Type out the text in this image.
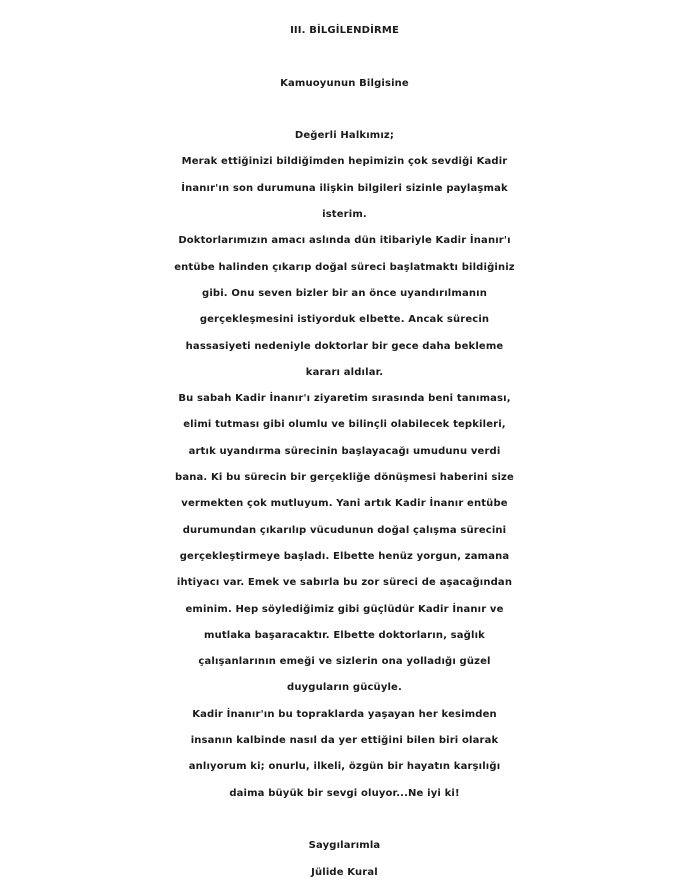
III. BİLGİLENDİRME
Kamuoyunun Bilgisine
Değerli Halkımız;
Merak ettiğinizi bildiğimden hepimizin çok sevdiği Kadir
İnanır'ın son durumuna ilişkin bilgileri sizinle paylaşmak
isterim.
Doktorlarımızın amacı aslında dün itibariyle Kadir İnanır'ı
entübe halinden çıkarıp doğal süreci başlatmaktı bildiğiniz
gibi. Onu seven bizler bir an önce uyandırılmanın
gerçekleşmesini istiyorduk elbette. Ancak sürecin
hassasiyeti nedeniyle doktorlar bir gece daha bekleme
kararı aldılar.
Bu sabah Kadir İnanır'ı ziyaretim sırasında beni tanıması,
elimi tutması gibi olumlu ve bilinçli olabilecek tepkileri,
artık uyandırma sürecinin başlayacağı umudunu verdi
bana. Ki bu sürecin bir gerçekliğe dönüşmesi haberini size
vermekten çok mutluyum. Yani artık Kadir İnanır entübe
durumundan çıkarılıp vücudunun doğal çalışma sürecini
gerçekleştirmeye başladı. Elbette henüz yorgun, zamana
ihtiyacı var. Emek ve sabırla bu zor süreci de aşacağından
eminim. Hep söylediğimiz gibi güçlüdür Kadir İnanır ve
mutlaka başaracaktır. Elbette doktorların, sağlık
çalışanlarının emeği ve sizlerin ona yolladığı güzel
duyguların gücüyle.
Kadir İnanır'ın bu topraklarda yaşayan her kesimden
insanın kalbinde nasıl da yer ettiğini bilen biri olarak
anlıyorum ki; onurlu, ilkeli, özgün bir hayatın karşılığı
daima büyük bir sevgi oluyor...Ne iyi ki!
Saygılarımla
Jülide Kural
